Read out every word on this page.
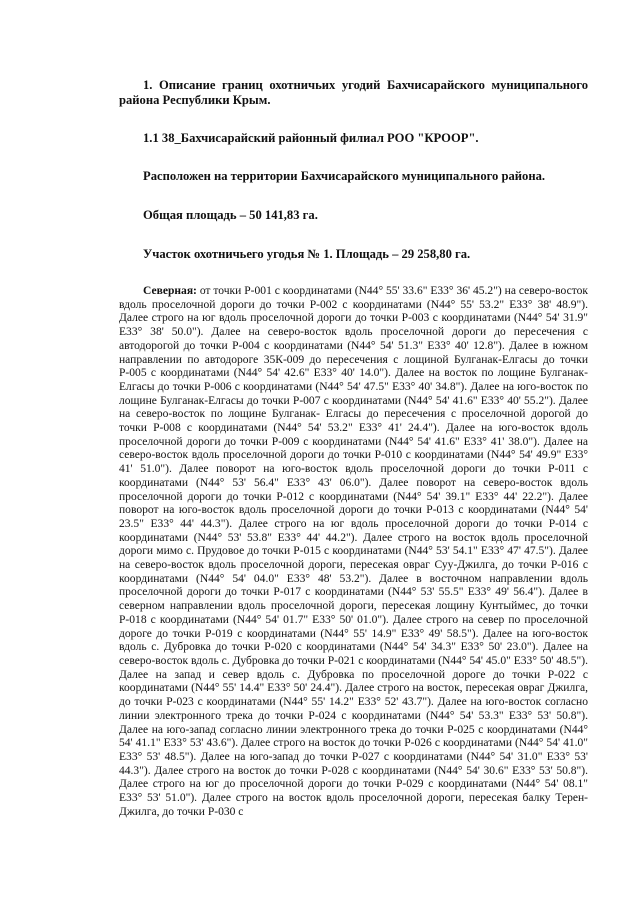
1. Описание границ охотничьих угодий Бахчисарайского муниципального района Республики Крым.

1.1 38_Бахчисарайский районный филиал РОО "КРООР".

Расположен на территории Бахчисарайского муниципального района.

Общая площадь – 50 141,83 га.

Участок охотничьего угодья № 1. Площадь – 29 258,80 га.

Северная: от точки Р-001 с координатами (N44° 55' 33.6" E33° 36' 45.2") на северо-восток вдоль проселочной дороги до точки Р-002 с координатами (N44° 55' 53.2" E33° 38' 48.9"). Далее строго на юг вдоль проселочной дороги до точки Р-003 с координатами (N44° 54' 31.9" E33° 38' 50.0"). Далее на северо-восток вдоль проселочной дороги до пересечения с автодорогой до точки Р-004 с координатами (N44° 54' 51.3" E33° 40' 12.8"). Далее в южном направлении по автодороге 35К-009 до пересечения с лощиной Булганак-Елгасы до точки Р-005 с координатами (N44° 54' 42.6" E33° 40' 14.0"). Далее на восток по лощине Булганак-Елгасы до точки Р-006 с координатами (N44° 54' 47.5" E33° 40' 34.8"). Далее на юго-восток по лощине Булганак-Елгасы до точки Р-007 с координатами (N44° 54' 41.6" E33° 40' 55.2"). Далее на северо-восток по лощине Булганак- Елгасы до пересечения с проселочной дорогой до точки Р-008 с координатами (N44° 54' 53.2" E33° 41' 24.4"). Далее на юго-восток вдоль проселочной дороги до точки Р-009 с координатами (N44° 54' 41.6" E33° 41' 38.0"). Далее на северо-восток вдоль проселочной дороги до точки Р-010 с координатами (N44° 54' 49.9" E33° 41' 51.0"). Далее поворот на юго-восток вдоль проселочной дороги до точки Р-011 с координатами (N44° 53' 56.4" E33° 43' 06.0"). Далее поворот на северо-восток вдоль проселочной дороги до точки Р-012 с координатами (N44° 54' 39.1" E33° 44' 22.2"). Далее поворот на юго-восток вдоль проселочной дороги до точки Р-013 с координатами (N44° 54' 23.5" E33° 44' 44.3"). Далее строго на юг вдоль проселочной дороги до точки Р-014 с координатами (N44° 53' 53.8" E33° 44' 44.2"). Далее строго на восток вдоль проселочной дороги мимо с. Прудовое до точки Р-015 с координатами (N44° 53' 54.1" E33° 47' 47.5"). Далее на северо-восток вдоль проселочной дороги, пересекая овраг Суу-Джилга, до точки Р-016 с координатами (N44° 54' 04.0" E33° 48' 53.2"). Далее в восточном направлении вдоль проселочной дороги до точки Р-017 с координатами (N44° 53' 55.5" E33° 49' 56.4"). Далее в северном направлении вдоль проселочной дороги, пересекая лощину Кунтыймес, до точки Р-018 с координатами (N44° 54' 01.7" E33° 50' 01.0"). Далее строго на север по проселочной дороге до точки Р-019 с координатами (N44° 55' 14.9" E33° 49' 58.5"). Далее на юго-восток вдоль с. Дубровка до точки Р-020 с координатами (N44° 54' 34.3" E33° 50' 23.0"). Далее на северо-восток вдоль с. Дубровка до точки Р-021 с координатами (N44° 54' 45.0" E33° 50' 48.5"). Далее на запад и север вдоль с. Дубровка по проселочной дороге до точки Р-022 с координатами (N44° 55' 14.4" E33° 50' 24.4"). Далее строго на восток, пересекая овраг Джилга, до точки Р-023 с координатами (N44° 55' 14.2" E33° 52' 43.7"). Далее на юго-восток согласно линии электронного трека до точки Р-024 с координатами (N44° 54' 53.3" E33° 53' 50.8"). Далее на юго-запад согласно линии электронного трека до точки Р-025 с координатами (N44° 54' 41.1" E33° 53' 43.6"). Далее строго на восток до точки Р-026 с координатами (N44° 54' 41.0" E33° 53' 48.5"). Далее на юго-запад до точки Р-027 с координатами (N44° 54' 31.0" E33° 53' 44.3"). Далее строго на восток до точки Р-028 с координатами (N44° 54' 30.6" E33° 53' 50.8"). Далее строго на юг до проселочной дороги до точки Р-029 с координатами (N44° 54' 08.1" E33° 53' 51.0"). Далее строго на восток вдоль проселочной дороги, пересекая балку Терен-Джилга, до точки Р-030 с
